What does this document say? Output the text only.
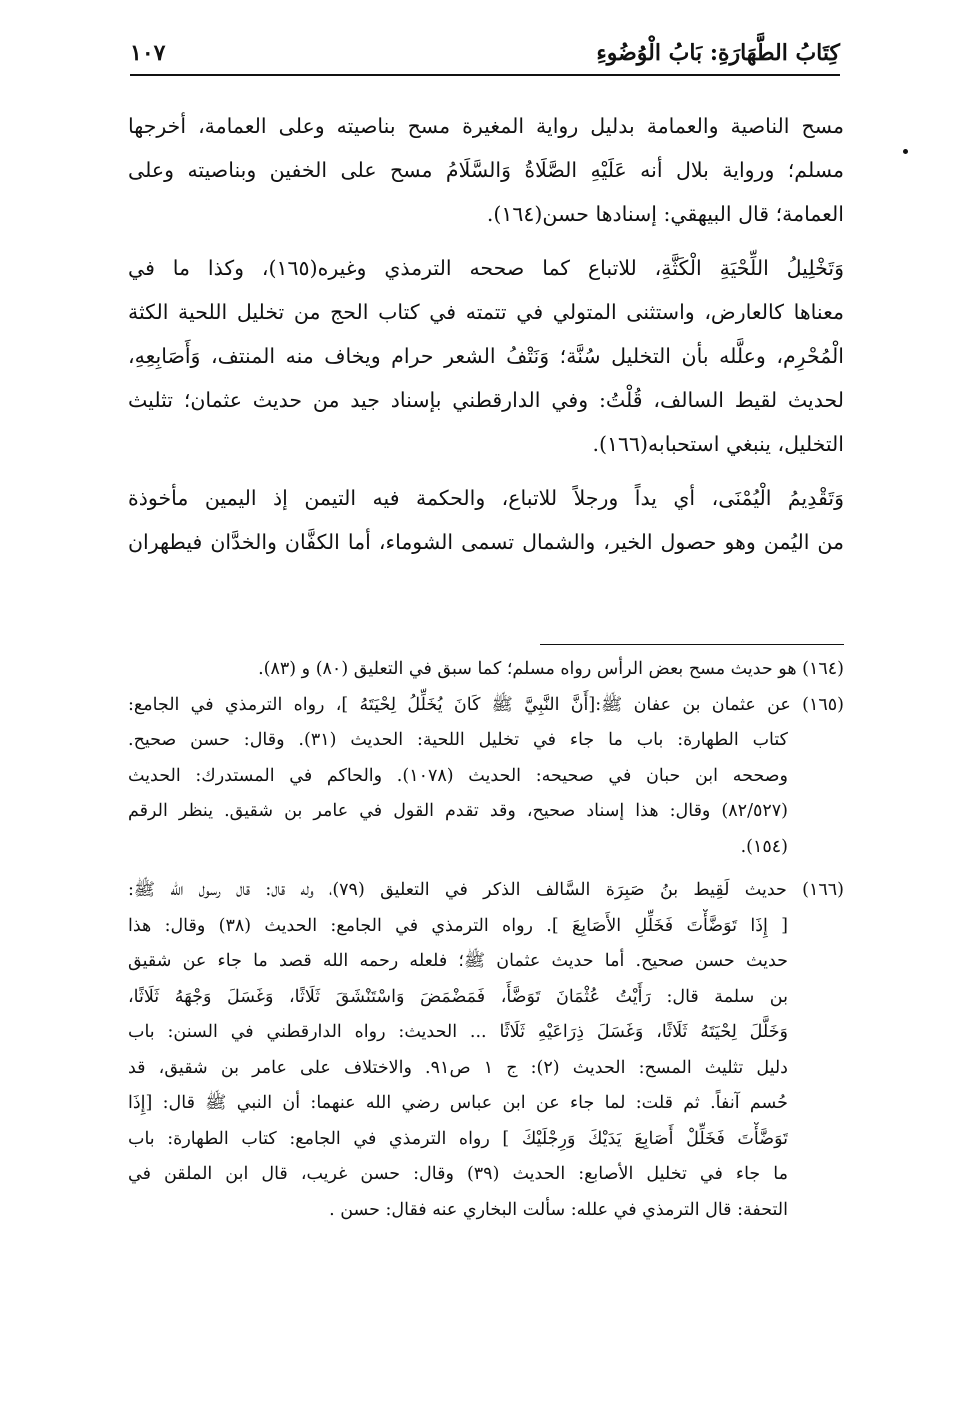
كِتَابُ الطَّهَارَةِ: بَابُ الْوُضُوءِ
١٠٧
مسح الناصية والعمامة بدليل رواية المغيرة مسح بناصيته وعلى العمامة، أخرجها
مسلم؛ ورواية بلال أنه عَلَيْهِ الصَّلَاةُ وَالسَّلَامُ مسح على الخفين وبناصيته وعلى
العمامة؛ قال البيهقي: إسنادها حسن(١٦٤).
وَتَخْلِيلُ اللِّحْيَةِ الْكَثَّةِ، للاتباع كما صححه الترمذي وغيره(١٦٥)، وكذا ما في
معناها كالعارض، واستثنى المتولي في تتمته في كتاب الحج من تخليل اللحية الكثة
الْمُحْرِم، وعلَّله بأن التخليل سُنَّة؛ وَنَتْفُ الشعر حرام ويخاف منه المنتف، وَأَصَابِعِهِ،
لحديث لقيط السالف، قُلْتُ: وفي الدارقطني بإسناد جيد من حديث عثمان؛ تثليث
التخليل، ينبغي استحبابه(١٦٦).
وَتَقْدِيمُ الْيُمْنَى، أي يداً ورجلاً للاتباع، والحكمة فيه التيمن إذ اليمين مأخوذة
من اليُمن وهو حصول الخير، والشمال تسمى الشوماء، أما الكفَّان والخدَّان فيطهران
(١٦٤) هو حديث مسح بعض الرأس رواه مسلم؛ كما سبق في التعليق (٨٠) و (٨٣).
(١٦٥) عن عثمان بن عفان ﷺ:[أَنَّ النَّبِيَّ ﷺ كَانَ يُخَلِّلُ لِحْيَتَهُ ]، رواه الترمذي في الجامع:
كتاب الطهارة: باب ما جاء في تخليل اللحية: الحديث (٣١). وقال: حسن صحيح.
وصححه ابن حبان في صحيحه: الحديث (١٠٧٨). والحاكم في المستدرك: الحديث
(٨٢/٥٢٧) وقال: هذا إسناد صحيح، وقد تقدم القول في عامر بن شقيق. ينظر الرقم
(١٥٤).
(١٦٦) حديث لَقِيط بنُ صَبِرَة السَّالف الذكر في التعليق (٧٩)، وله قال: قال رسول الله ﷺ:
[ إِذَا تَوَضَّأْتَ فَخَلِّلِ الأَصَابِعَ ]. رواه الترمذي في الجامع: الحديث (٣٨) وقال: هذا
حديث حسن صحيح. أما حديث عثمان ﷺ؛ فلعله رحمه الله قصد ما جاء عن شقيق
بن سلمة قال: رَأَيْتُ عُثْمَانَ تَوَضَّأَ، فَمَضْمَضَ وَاسْتَنْشَقَ ثَلَاثًا، وَغَسَلَ وَجْهَهُ ثَلَاثًا،
وَخَلَّلَ لِحْيَتَهُ ثَلَاثًا، وَغَسَلَ ذِرَاعَيْهِ ثَلَاثًا ... الحديث: رواه الدارقطني في السنن: باب
دليل تثليث المسح: الحديث (٢): ج ١ ص٩١. والاختلاف على عامر بن شقيق، قد
حُسم آنفاً. ثم قلت: لما جاء عن ابن عباس رضي الله عنهما: أن النبي ﷺ قال: [إِذَا
تَوَضَّأْتَ فَخَلِّلْ أَصَابِعَ يَدَيْكَ وَرِجْلَيْكَ ] رواه الترمذي في الجامع: كتاب الطهارة: باب
ما جاء في تخليل الأصابع: الحديث (٣٩) وقال: حسن غريب، قال ابن الملقن في
التحفة: قال الترمذي في علله: سألت البخاري عنه فقال: حسن .
